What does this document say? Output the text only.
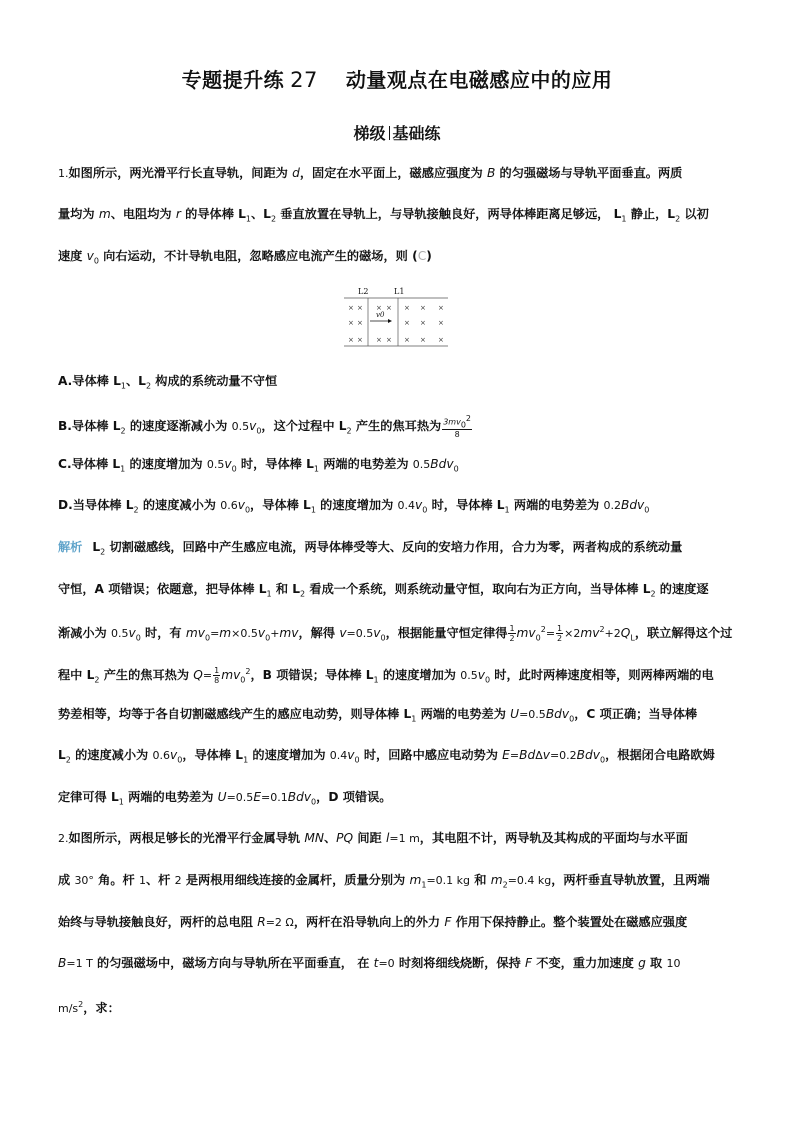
专题提升练 27 动量观点在电磁感应中的应用
梯级 基础练
1.如图所示，两光滑平行长直导轨，间距为 d，固定在水平面上，磁感应强度为 B 的匀强磁场与导轨平面垂直。两质
量均为 m、电阻均为 r 的导体棒 $L_1$、$L_2$ 垂直放置在导轨上，与导轨接触良好，两导体棒距离足够远， $L_1$ 静止，$L_2$ 以初
速度 $v_0$ 向右运动，不计导轨电阻，忽略感应电流产生的磁场，则 (C)
L2	L1
v0
× × × × × × ×
× ×	× × ×
× × × × × × ×
A.导体棒 $L_1$、$L_2$ 构成的系统动量不守恒
B.导体棒 $L_2$ 的速度逐渐减小为 $0.5v_0$，这个过程中 $L_2$ 产生的焦耳热为 $\frac{3mv_0^2}{8}$
C.导体棒 $L_1$ 的速度增加为 $0.5v_0$ 时，导体棒 $L_1$ 两端的电势差为 0.5Bdv$_0$
D.当导体棒 $L_2$ 的速度减小为 $0.6v_0$，导体棒 $L_1$ 的速度增加为 $0.4v_0$ 时，导体棒 $L_1$ 两端的电势差为 0.2Bdv$_0$
解析 $L_2$ 切割磁感线，回路中产生感应电流，两导体棒受等大、反向的安培力作用，合力为零，两者构成的系统动量
守恒，A 项错误；依题意，把导体棒 $L_1$ 和 $L_2$ 看成一个系统，则系统动量守恒，取向右为正方向，当导体棒 $L_2$ 的速度逐
渐减小为 $0.5v_0$ 时，有 $mv_0=m\times 0.5v_0+mv$，解得 $v=0.5v_0$，根据能量守恒定律得 $\frac{1}{2} mv_0^2= \frac{1}{2} \times 2mv^2+2Q_L$，联立解得这个过
程中 $L_2$ 产生的焦耳热为 $Q= \frac{1}{8} mv_0^2$，B 项错误；导体棒 $L_1$ 的速度增加为 $0.5v_0$ 时，此时两棒速度相等，则两棒两端的电
势差相等，均等于各自切割磁感线产生的感应电动势，则导体棒 $L_1$ 两端的电势差为 U=0.5Bdv$_0$，C 项正确；当导体棒
$L_2$ 的速度减小为 $0.6v_0$，导体棒 $L_1$ 的速度增加为 $0.4v_0$ 时，回路中感应电动势为 E=BdΔv=0.2Bdv$_0$，根据闭合电路欧姆
定律可得 $L_1$ 两端的电势差为 U=0.5E=0.1Bdv$_0$，D 项错误。
2.如图所示，两根足够长的光滑平行金属导轨 MN、PQ 间距 l=1 m，其电阻不计，两导轨及其构成的平面均与水平面
成 30° 角。杆 1、杆 2 是两根用细线连接的金属杆，质量分别为 $m_1=0.1$ kg 和 $m_2=0.4$ kg，两杆垂直导轨放置，且两端
始终与导轨接触良好，两杆的总电阻 R=2 Ω，两杆在沿导轨向上的外力 F 作用下保持静止。整个装置处在磁感应强度
B=1 T 的匀强磁场中，磁场方向与导轨所在平面垂直， 在 t=0 时刻将细线烧断，保持 F 不变，重力加速度 g 取 10
$m/s^2$，求：
